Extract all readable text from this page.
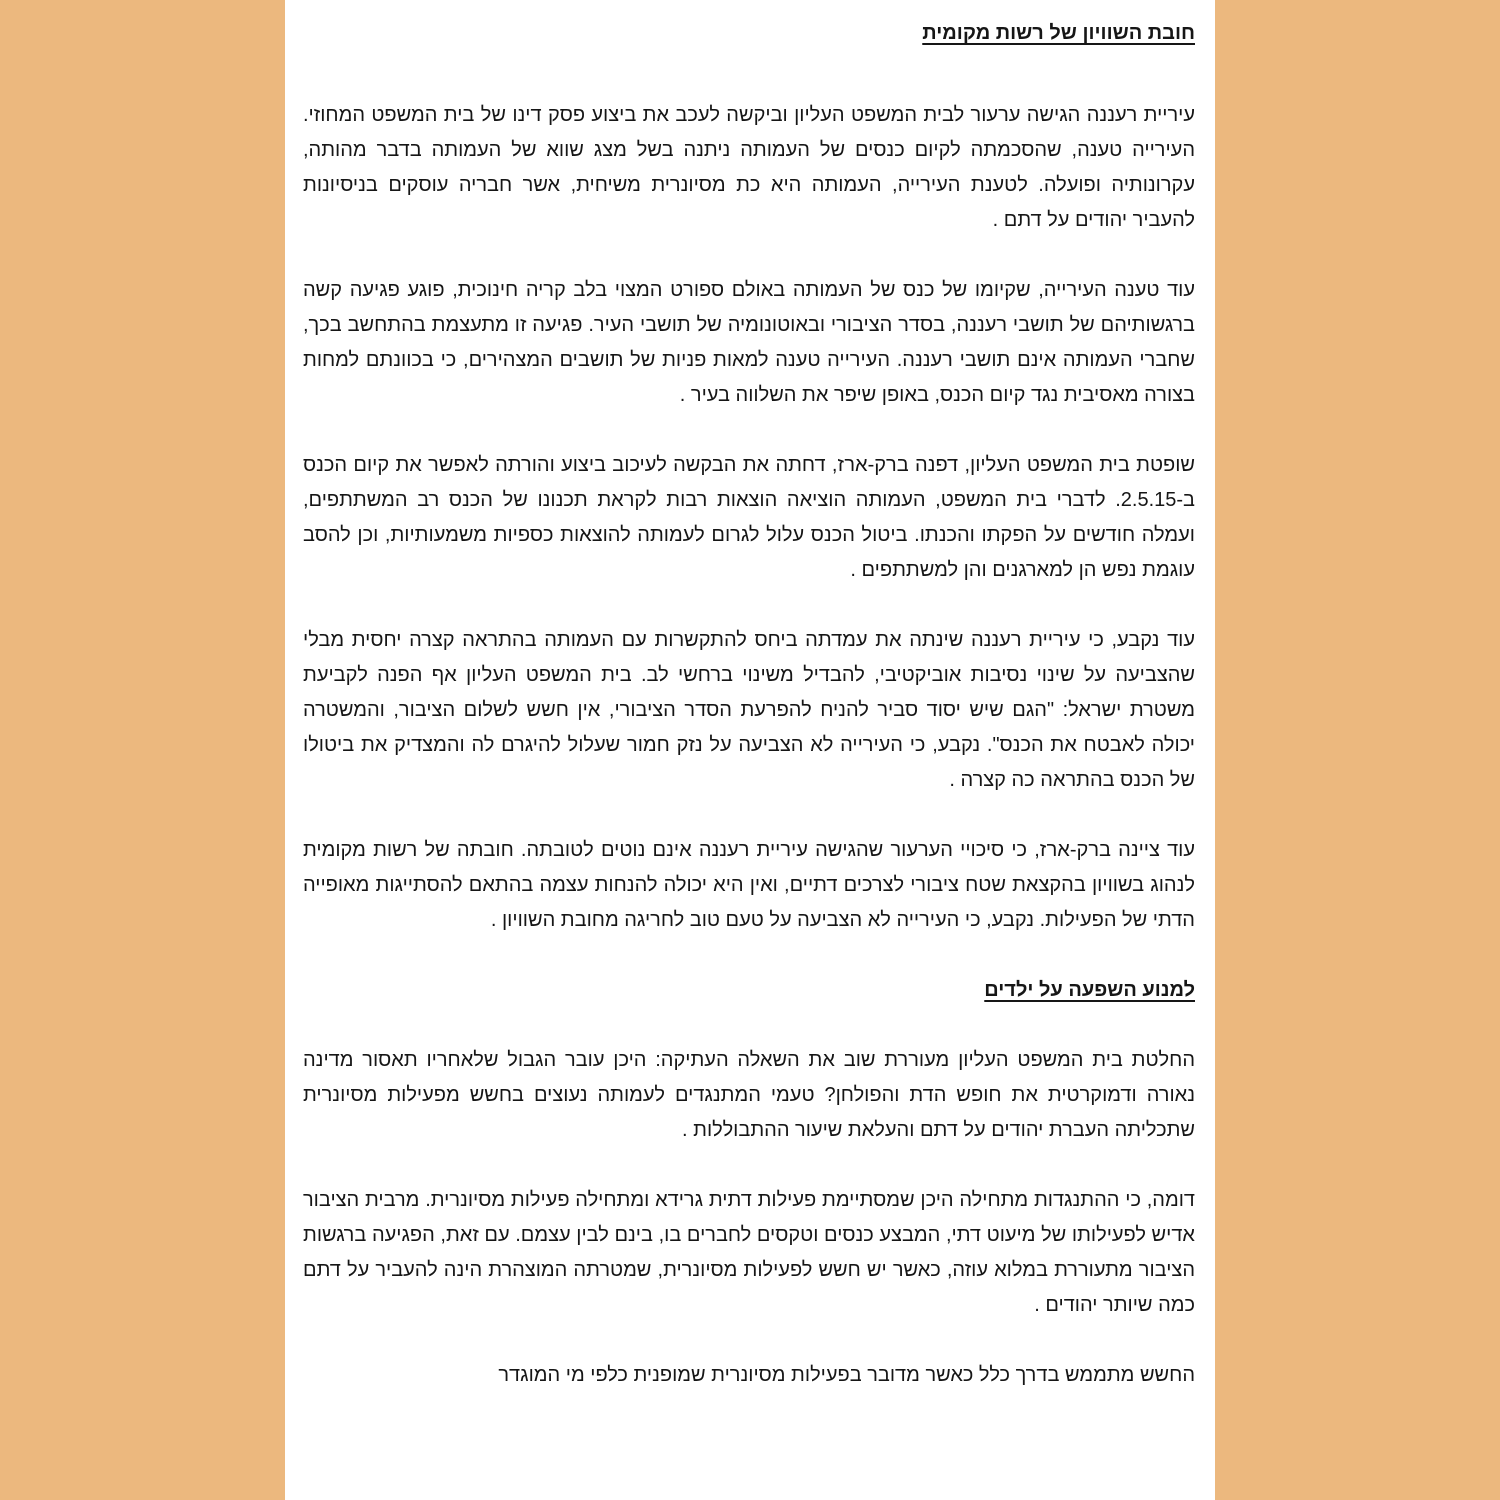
חובת השוויון של רשות מקומית

עיריית רעננה הגישה ערעור לבית המשפט העליון וביקשה לעכב את ביצוע פסק דינו של בית המשפט המחוזי. העירייה טענה, שהסכמתה לקיום כנסים של העמותה ניתנה בשל מצג שווא של העמותה בדבר מהותה, עקרונותיה ופועלה. לטענת העירייה, העמותה היא כת מסיונרית משיחית, אשר חבריה עוסקים בניסיונות להעביר יהודים על דתם .

עוד טענה העירייה, שקיומו של כנס של העמותה באולם ספורט המצוי בלב קריה חינוכית, פוגע פגיעה קשה ברגשותיהם של תושבי רעננה, בסדר הציבורי ובאוטונומיה של תושבי העיר. פגיעה זו מתעצמת בהתחשב בכך, שחברי העמותה אינם תושבי רעננה. העירייה טענה למאות פניות של תושבים המצהירים, כי בכוונתם למחות בצורה מאסיבית נגד קיום הכנס, באופן שיפר את השלווה בעיר .

שופטת בית המשפט העליון, דפנה ברק-ארז, דחתה את הבקשה לעיכוב ביצוע והורתה לאפשר את קיום הכנס ב-2.5.15. לדברי בית המשפט, העמותה הוציאה הוצאות רבות לקראת תכנונו של הכנס רב המשתתפים, ועמלה חודשים על הפקתו והכנתו. ביטול הכנס עלול לגרום לעמותה להוצאות כספיות משמעותיות, וכן להסב עוגמת נפש הן למארגנים והן למשתתפים .

עוד נקבע, כי עיריית רעננה שינתה את עמדתה ביחס להתקשרות עם העמותה בהתראה קצרה יחסית מבלי שהצביעה על שינוי נסיבות אוביקטיבי, להבדיל משינוי ברחשי לב. בית המשפט העליון אף הפנה לקביעת משטרת ישראל: "הגם שיש יסוד סביר להניח להפרעת הסדר הציבורי, אין חשש לשלום הציבור, והמשטרה יכולה לאבטח את הכנס". נקבע, כי העירייה לא הצביעה על נזק חמור שעלול להיגרם לה והמצדיק את ביטולו של הכנס בהתראה כה קצרה .

עוד ציינה ברק-ארז, כי סיכויי הערעור שהגישה עיריית רעננה אינם נוטים לטובתה. חובתה של רשות מקומית לנהוג בשוויון בהקצאת שטח ציבורי לצרכים דתיים, ואין היא יכולה להנחות עצמה בהתאם להסתייגות מאופייה הדתי של הפעילות. נקבע, כי העירייה לא הצביעה על טעם טוב לחריגה מחובת השוויון .

למנוע השפעה על ילדים

החלטת בית המשפט העליון מעוררת שוב את השאלה העתיקה: היכן עובר הגבול שלאחריו תאסור מדינה נאורה ודמוקרטית את חופש הדת והפולחן? טעמי המתנגדים לעמותה נעוצים בחשש מפעילות מסיונרית שתכליתה העברת יהודים על דתם והעלאת שיעור ההתבוללות .

דומה, כי ההתנגדות מתחילה היכן שמסתיימת פעילות דתית גרידא ומתחילה פעילות מסיונרית. מרבית הציבור אדיש לפעילותו של מיעוט דתי, המבצע כנסים וטקסים לחברים בו, בינם לבין עצמם. עם זאת, הפגיעה ברגשות הציבור מתעוררת במלוא עוזה, כאשר יש חשש לפעילות מסיונרית, שמטרתה המוצהרת הינה להעביר על דתם כמה שיותר יהודים .

החשש מתממש בדרך כלל כאשר מדובר בפעילות מסיונרית שמופנית כלפי מי המוגדר
